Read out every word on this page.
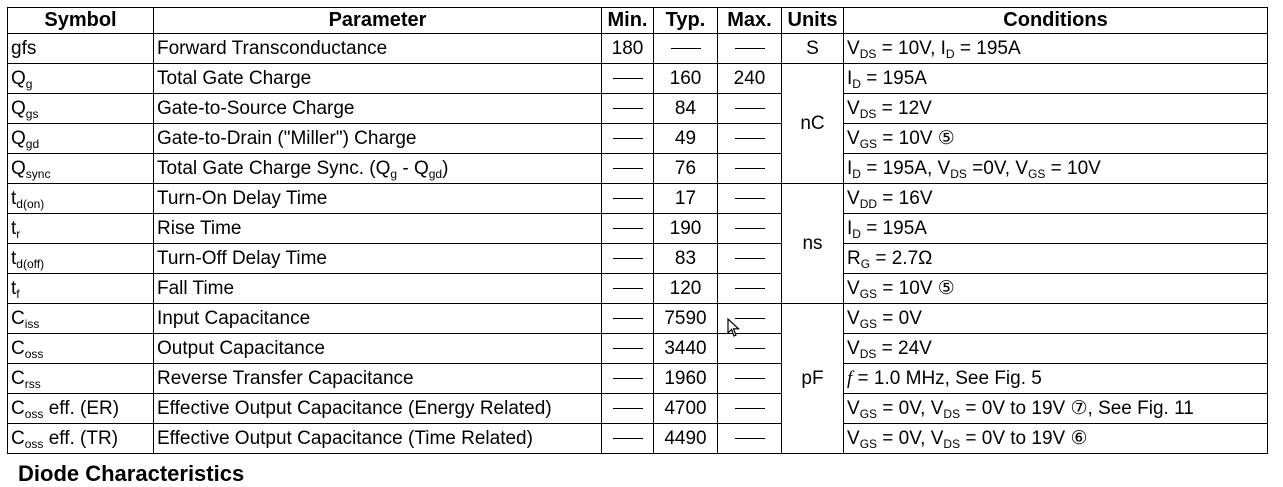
Symbol	Parameter	Min.	Typ.	Max.	Units	Conditions
gfs	Forward Transconductance	180			S	$V_{DS} = 10V$, $I_D = 195A$
$Q_g$	Total Gate Charge		160	240	nC	$I_D = 195A$
$Q_{gs}$	Gate-to-Source Charge		84			$V_{DS} = 12V$
$Q_{gd}$	Gate-to-Drain ("Miller") Charge		49			$V_{GS} = 10V$ ⑤
$Q_{sync}$	Total Gate Charge Sync. $(Q_g - Q_{gd})$		76			$I_D = 195A$, $V_{DS} =0V$, $V_{GS} = 10V$
$t_{d(on)}$	Turn-On Delay Time		17		ns	$V_{DD} = 16V$
$t_r$	Rise Time		190			$I_D = 195A$
$t_{d(off)}$	Turn-Off Delay Time		83			$R_G = 2.7\Omega$
$t_f$	Fall Time		120			$V_{GS} = 10V$ ⑤
$C_{iss}$	Input Capacitance		7590		pF	$V_{GS} = 0V$
$C_{oss}$	Output Capacitance		3440			$V_{DS} = 24V$
$C_{rss}$	Reverse Transfer Capacitance		1960			f = 1.0 MHz, See Fig. 5
$C_{oss}$ eff. (ER)	Effective Output Capacitance (Energy Related)		4700			$V_{GS} = 0V$, $V_{DS} = 0V$ to 19V ⑦, See Fig. 11
$C_{oss}$ eff. (TR)	Effective Output Capacitance (Time Related)		4490			$V_{GS} = 0V$, $V_{DS} = 0V$ to 19V ⑥
Diode Characteristics
